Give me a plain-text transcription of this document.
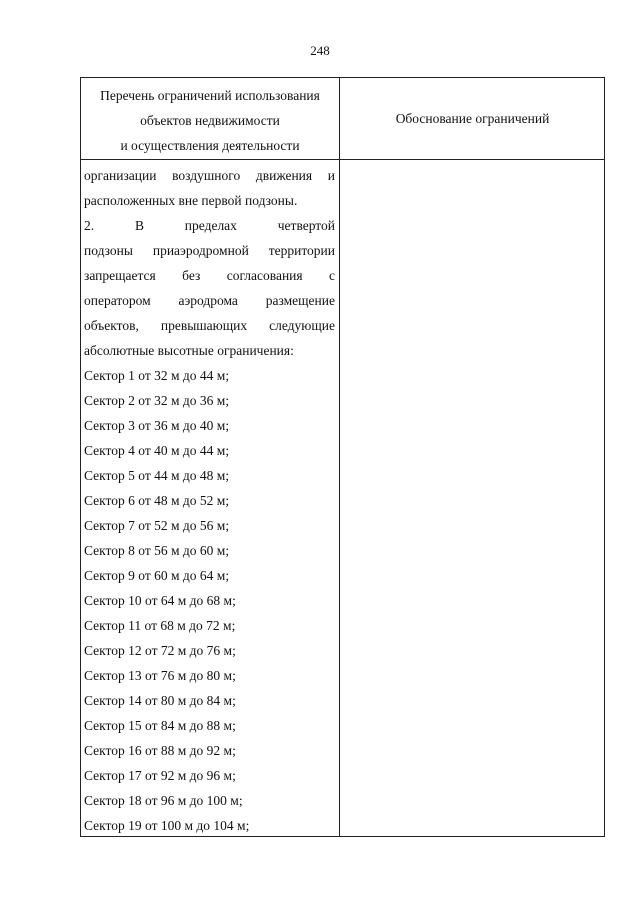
248
Перечень ограничений использования
объектов недвижимости
и осуществления деятельности
Обоснование ограничений
организации воздушного движения и
расположенных вне первой подзоны.
2. В пределах четвертой
подзоны приаэродромной территории
запрещается без согласования с
оператором аэродрома размещение
объектов, превышающих следующие
абсолютные высотные ограничения:
Сектор 1 от 32 м до 44 м;
Сектор 2 от 32 м до 36 м;
Сектор 3 от 36 м до 40 м;
Сектор 4 от 40 м до 44 м;
Сектор 5 от 44 м до 48 м;
Сектор 6 от 48 м до 52 м;
Сектор 7 от 52 м до 56 м;
Сектор 8 от 56 м до 60 м;
Сектор 9 от 60 м до 64 м;
Сектор 10 от 64 м до 68 м;
Сектор 11 от 68 м до 72 м;
Сектор 12 от 72 м до 76 м;
Сектор 13 от 76 м до 80 м;
Сектор 14 от 80 м до 84 м;
Сектор 15 от 84 м до 88 м;
Сектор 16 от 88 м до 92 м;
Сектор 17 от 92 м до 96 м;
Сектор 18 от 96 м до 100 м;
Сектор 19 от 100 м до 104 м;
